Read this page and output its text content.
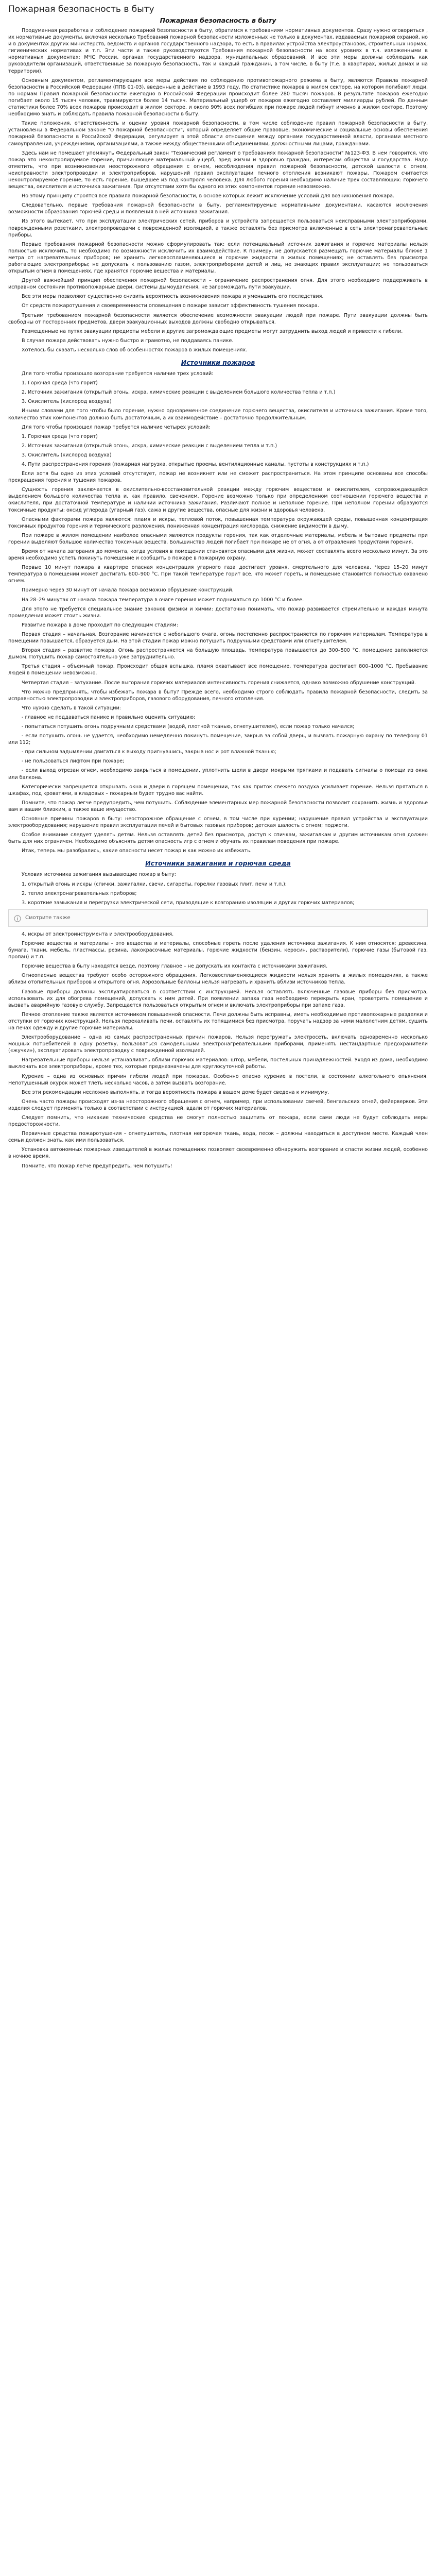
Пожарная безопасность в быту
Пожарная безопасность в быту

Продуманная разработка и соблюдение пожарной безопасности в быту, обратимся к требованиям нормативных документов. Сразу нужно оговориться , их нормативные документы, включая несколько Требований пожарной безопасности изложенных не только в документах, издаваемых пожарной охраной, но и в документах других министерств, ведомств и органов государственного надзора, то есть в правилах устройства электроустановок, строительных нормах, гигиенических нормативах и т.п. Эти части и также руководствуются Требования пожарной безопасности на всех уровнях в т.ч. изложенными в нормативных документах: МЧС России, органах государственного надзора, муниципальных образований. И все эти меры должны соблюдать как руководители организаций, ответственные за пожарную безопасность, так и каждый гражданин, в том числе, в быту (т.е. в квартирах, жилых домах и на территории).

Основным документом, регламентирующим все меры действия по соблюдению противопожарного режима в быту, являются Правила пожарной безопасности в Российской Федерации (ППБ 01-03), введенные в действие в 1993 году. По статистике пожаров в жилом секторе, на котором погибают люди, по нормам Правил пожарной безопасности ежегодно в Российской Федерации происходит более 280 тысяч пожаров. В результате пожаров ежегодно погибает около 15 тысяч человек, травмируются более 14 тысяч. Материальный ущерб от пожаров ежегодно составляет миллиарды рублей. По данным статистики более 70% всех пожаров происходит в жилом секторе, и около 90% всех погибших при пожаре людей гибнут именно в жилом секторе. Поэтому необходимо знать и соблюдать правила пожарной безопасности в быту.

Такие положения, ответственность и оценки уровня пожарной безопасности, в том числе соблюдение правил пожарной безопасности в быту, установлены в Федеральном законе "О пожарной безопасности", который определяет общие правовые, экономические и социальные основы обеспечения пожарной безопасности в Российской Федерации, регулирует в этой области отношения между органами государственной власти, органами местного самоуправления, учреждениями, организациями, а также между общественными объединениями, должностными лицами, гражданами.

Здесь нам не помешает упомянуть Федеральный закон "Технический регламент о требованиях пожарной безопасности" №123-ФЗ. В нем говорится, что пожар это неконтролируемое горение, причиняющее материальный ущерб, вред жизни и здоровью граждан, интересам общества и государства. Надо отметить, что при возникновении неосторожного обращения с огнем, несоблюдения правил пожарной безопасности, детской шалости с огнем, неисправности электропроводки и электроприборов, нарушений правил эксплуатации печного отопления возникают пожары. Пожаром считается неконтролируемое горение, то есть горение, вышедшее из под контроля человека. Для любого горения необходимо наличие трех составляющих: горючего вещества, окислителя и источника зажигания. При отсутствии хотя бы одного из этих компонентов горение невозможно.

Но этому принципу строятся все правила пожарной безопасности, в основе которых лежит исключение условий для возникновения пожара.

Следовательно, первые требования пожарной безопасности в быту, регламентируемые нормативными документами, касаются исключения возможности образования горючей среды и появления в ней источника зажигания.

Из этого вытекает, что при эксплуатации электрических сетей, приборов и устройств запрещается пользоваться неисправными электроприборами, поврежденными розетками, электропроводами с поврежденной изоляцией, а также оставлять без присмотра включенные в сеть электронагревательные приборы.

Первые требования пожарной безопасности можно сформулировать так: если потенциальный источник зажигания и горючие материалы нельзя полностью исключить, то необходимо по возможности исключить их взаимодействие. К примеру, не допускается размещать горючие материалы ближе 1 метра от нагревательных приборов; не хранить легковоспламеняющиеся и горючие жидкости в жилых помещениях; не оставлять без присмотра работающие электроприборы; не допускать к пользованию газом, электроприборами детей и лиц, не знающих правил эксплуатации; не пользоваться открытым огнем в помещениях, где хранятся горючие вещества и материалы.

Другой важнейший принцип обеспечения пожарной безопасности – ограничение распространения огня. Для этого необходимо поддерживать в исправном состоянии противопожарные двери, системы дымоудаления, не загромождать пути эвакуации.

Все эти меры позволяют существенно снизить вероятность возникновения пожара и уменьшить его последствия.

От средств пожаротушения и своевременности оповещения о пожаре зависит эффективность тушения пожара.

Третьим требованием пожарной безопасности является обеспечение возможности эвакуации людей при пожаре. Пути эвакуации должны быть свободны от посторонних предметов, двери эвакуационных выходов должны свободно открываться.

Размещенные на путях эвакуации предметы мебели и другие загромождающие предметы могут затруднить выход людей и привести к гибели.

В случае пожара действовать нужно быстро и грамотно, не поддаваясь панике.

Хотелось бы сказать несколько слов об особенностях пожаров в жилых помещениях.

Источники пожаров

Для того чтобы произошло возгорание требуется наличие трех условий:

1. Горючая среда (что горит)

2. Источник зажигания (открытый огонь, искра, химические реакции с выделением большого количества тепла и т.п.)

3. Окислитель (кислород воздуха)

Иными словами для того чтобы было горение, нужно одновременное соединение горючего вещества, окислителя и источника зажигания. Кроме того, количество этих компонентов должно быть достаточным, а их взаимодействие – достаточно продолжительным.

Для того чтобы произошел пожар требуется наличие четырех условий:

1. Горючая среда (что горит)

2. Источник зажигания (открытый огонь, искра, химические реакции с выделением тепла и т.п.)

3. Окислитель (кислород воздуха)

4. Пути распространения горения (пожарная нагрузка, открытые проемы, вентиляционные каналы, пустоты в конструкциях и т.п.)

Если хотя бы одно из этих условий отсутствует, пожар не возникнет или не сможет распространиться. На этом принципе основаны все способы прекращения горения и тушения пожаров.

Сущность горения заключается в окислительно-восстановительной реакции между горючим веществом и окислителем, сопровождающейся выделением большого количества тепла и, как правило, свечением. Горение возможно только при определенном соотношении горючего вещества и окислителя, при достаточной температуре и наличии источника зажигания. Различают полное и неполное горение. При неполном горении образуются токсичные продукты: оксид углерода (угарный газ), сажа и другие вещества, опасные для жизни и здоровья человека.

Опасными факторами пожара являются: пламя и искры, тепловой поток, повышенная температура окружающей среды, повышенная концентрация токсичных продуктов горения и термического разложения, пониженная концентрация кислорода, снижение видимости в дыму.

При пожаре в жилом помещении наиболее опасными являются продукты горения, так как отделочные материалы, мебель и бытовые предметы при горении выделяют большое количество токсичных веществ. Большинство людей погибает при пожаре не от огня, а от отравления продуктами горения.

Время от начала загорания до момента, когда условия в помещении становятся опасными для жизни, может составлять всего несколько минут. За это время необходимо успеть покинуть помещение и сообщить о пожаре в пожарную охрану.

Первые 10 минут пожара в квартире опасная концентрация угарного газа достигает уровня, смертельного для человека. Через 15–20 минут температура в помещении может достигать 600–900 °С. При такой температуре горит все, что может гореть, и помещение становится полностью охвачено огнем.

Примерно через 30 минут от начала пожара возможно обрушение конструкций.

На 28–29 минутах от начала пожара температура в очаге горения может подниматься до 1000 °С и более.

Для этого не требуется специальное знание законов физики и химии: достаточно понимать, что пожар развивается стремительно и каждая минута промедления может стоить жизни.

Развитие пожара в доме проходит по следующим стадиям:

Первая стадия – начальная. Возгорание начинается с небольшого очага, огонь постепенно распространяется по горючим материалам. Температура в помещении повышается, образуется дым. На этой стадии пожар можно потушить подручными средствами или огнетушителем.

Вторая стадия – развитие пожара. Огонь распространяется на большую площадь, температура повышается до 300–500 °С, помещение заполняется дымом. Потушить пожар самостоятельно уже затруднительно.

Третья стадия – объемный пожар. Происходит общая вспышка, пламя охватывает все помещение, температура достигает 800–1000 °С. Пребывание людей в помещении невозможно.

Четвертая стадия – затухание. После выгорания горючих материалов интенсивность горения снижается, однако возможно обрушение конструкций.

Что можно предпринять, чтобы избежать пожара в быту? Прежде всего, необходимо строго соблюдать правила пожарной безопасности, следить за исправностью электропроводки и электроприборов, газового оборудования, печного отопления.

Что нужно сделать в такой ситуации:

- главное не поддаваться панике и правильно оценить ситуацию;

- попытаться потушить огонь подручными средствами (водой, плотной тканью, огнетушителем), если пожар только начался;

- если потушить огонь не удается, необходимо немедленно покинуть помещение, закрыв за собой дверь, и вызвать пожарную охрану по телефону 01 или 112;

- при сильном задымлении двигаться к выходу пригнувшись, закрыв нос и рот влажной тканью;

- не пользоваться лифтом при пожаре;

- если выход отрезан огнем, необходимо закрыться в помещении, уплотнить щели в двери мокрыми тряпками и подавать сигналы о помощи из окна или балкона.

Категорически запрещается открывать окна и двери в горящем помещении, так как приток свежего воздуха усиливает горение. Нельзя прятаться в шкафах, под кроватями, в кладовых – пожарным будет трудно вас найти.

Помните, что пожар легче предупредить, чем потушить. Соблюдение элементарных мер пожарной безопасности позволит сохранить жизнь и здоровье вам и вашим близким, а также ваше имущество.

Основные причины пожаров в быту: неосторожное обращение с огнем, в том числе при курении; нарушение правил устройства и эксплуатации электрооборудования; нарушение правил эксплуатации печей и бытовых газовых приборов; детская шалость с огнем; поджоги.

Особое внимание следует уделять детям. Нельзя оставлять детей без присмотра, доступ к спичкам, зажигалкам и другим источникам огня должен быть для них ограничен. Необходимо объяснять детям опасность игр с огнем и обучать их правилам поведения при пожаре.

Итак, теперь мы разобрались, какие опасности несет пожар и как можно их избежать.

Источники зажигания и горючая среда

Условия источника зажигания вызывающие пожар в быту:

1. открытый огонь и искры (спички, зажигалки, свечи, сигареты, горелки газовых плит, печи и т.п.);

2. тепло электронагревательных приборов;

3. короткие замыкания и перегрузки электрической сети, приводящие к возгоранию изоляции и других горючих материалов;

Смотрите также

4. искры от электроинструмента и электрооборудования.

Горючие вещества и материалы – это вещества и материалы, способные гореть после удаления источника зажигания. К ним относятся: древесина, бумага, ткани, мебель, пластмассы, резина, лакокрасочные материалы, горючие жидкости (бензин, керосин, растворители), горючие газы (бытовой газ, пропан) и т.п.

Горючие вещества в быту находятся везде, поэтому главное – не допускать их контакта с источниками зажигания.

Огнеопасные вещества требуют особо осторожного обращения. Легковоспламеняющиеся жидкости нельзя хранить в жилых помещениях, а также вблизи отопительных приборов и открытого огня. Аэрозольные баллоны нельзя нагревать и хранить вблизи источников тепла.

Газовые приборы должны эксплуатироваться в соответствии с инструкцией. Нельзя оставлять включенные газовые приборы без присмотра, использовать их для обогрева помещений, допускать к ним детей. При появлении запаха газа необходимо перекрыть кран, проветрить помещение и вызвать аварийную газовую службу. Запрещается пользоваться открытым огнем и включать электроприборы при запахе газа.

Печное отопление также является источником повышенной опасности. Печи должны быть исправны, иметь необходимые противопожарные разделки и отступки от горючих конструкций. Нельзя перекаливать печи, оставлять их топящимися без присмотра, поручать надзор за ними малолетним детям, сушить на печах одежду и другие горючие материалы.

Электрооборудование – одна из самых распространенных причин пожаров. Нельзя перегружать электросеть, включать одновременно несколько мощных потребителей в одну розетку, пользоваться самодельными электронагревательными приборами, применять нестандартные предохранители («жучки»), эксплуатировать электропроводку с поврежденной изоляцией.

Нагревательные приборы нельзя устанавливать вблизи горючих материалов: штор, мебели, постельных принадлежностей. Уходя из дома, необходимо выключать все электроприборы, кроме тех, которые предназначены для круглосуточной работы.

Курение – одна из основных причин гибели людей при пожарах. Особенно опасно курение в постели, в состоянии алкогольного опьянения. Непотушенный окурок может тлеть несколько часов, а затем вызвать возгорание.

Все эти рекомендации несложно выполнять, и тогда вероятность пожара в вашем доме будет сведена к минимуму.

Очень часто пожары происходят из-за неосторожного обращения с огнем, например, при использовании свечей, бенгальских огней, фейерверков. Эти изделия следует применять только в соответствии с инструкцией, вдали от горючих материалов.

Следует помнить, что никакие технические средства не смогут полностью защитить от пожара, если сами люди не будут соблюдать меры предосторожности.

Первичные средства пожаротушения – огнетушитель, плотная негорючая ткань, вода, песок – должны находиться в доступном месте. Каждый член семьи должен знать, как ими пользоваться.

Установка автономных пожарных извещателей в жилых помещениях позволяет своевременно обнаружить возгорание и спасти жизни людей, особенно в ночное время.

Помните, что пожар легче предупредить, чем потушить!
